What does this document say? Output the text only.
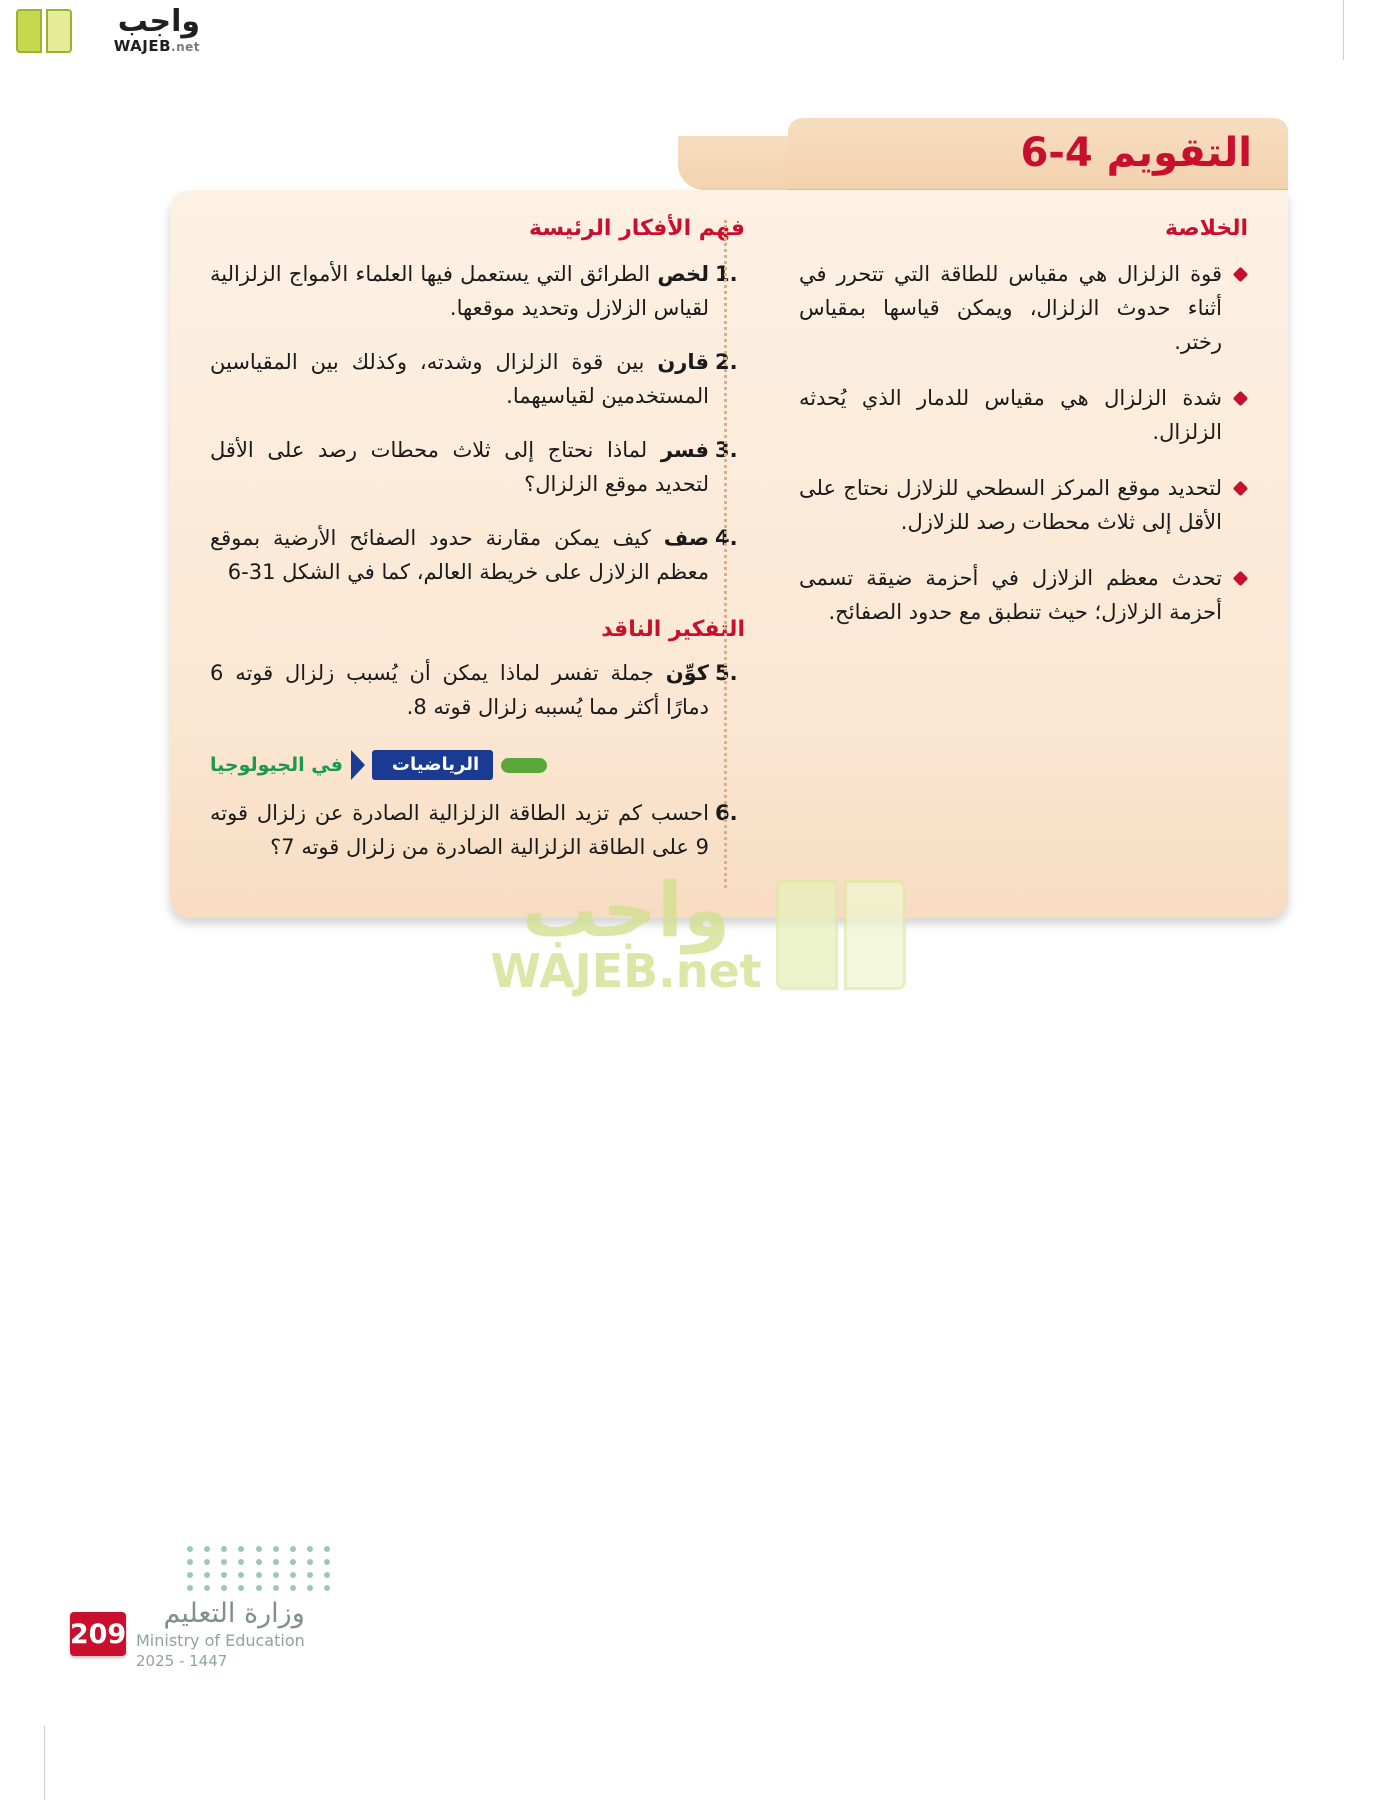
واجب
WAJEB.net
التقويم 4-6
الخلاصة
قوة الزلزال هي مقياس للطاقة التي تتحرر في أثناء حدوث الزلزال، ويمكن قياسها بمقياس رختر.
شدة الزلزال هي مقياس للدمار الذي يُحدثه الزلزال.
لتحديد موقع المركز السطحي للزلازل نحتاج على الأقل إلى ثلاث محطات رصد للزلازل.
تحدث معظم الزلازل في أحزمة ضيقة تسمى أحزمة الزلازل؛ حيث تنطبق مع حدود الصفائح.
فهم الأفكار الرئيسة
1.
لخص الطرائق التي يستعمل فيها العلماء الأمواج الزلزالية لقياس الزلازل وتحديد موقعها.
2.
قارن بين قوة الزلزال وشدته، وكذلك بين المقياسين المستخدمين لقياسيهما.
3.
فسر لماذا نحتاج إلى ثلاث محطات رصد على الأقل لتحديد موقع الزلزال؟
4.
صف كيف يمكن مقارنة حدود الصفائح الأرضية بموقع معظم الزلازل على خريطة العالم، كما في الشكل 31-6
التفكير الناقد
5.
كوِّن جملة تفسر لماذا يمكن أن يُسبب زلزال قوته 6 دمارًا أكثر مما يُسببه زلزال قوته 8.
الرياضيات
في الجيولوجيا
6.
احسب كم تزيد الطاقة الزلزالية الصادرة عن زلزال قوته 9 على الطاقة الزلزالية الصادرة من زلزال قوته 7؟
واجب
WAJEB.net
209
وزارة التعليم
Ministry of Education
2025 - 1447
